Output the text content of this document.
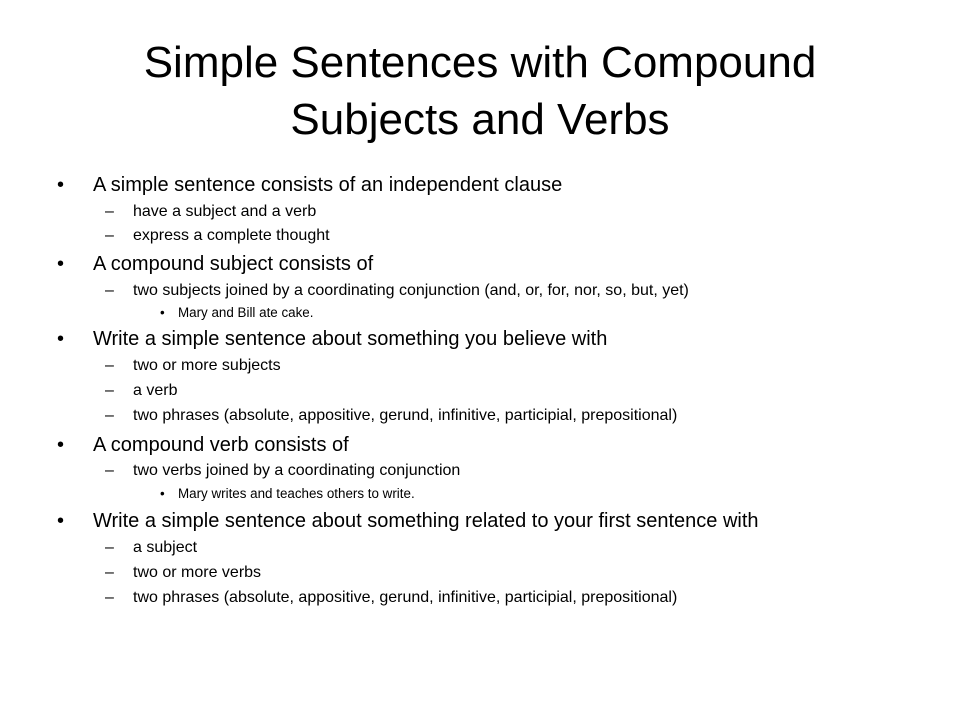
Simple Sentences with Compound
Subjects and Verbs
• A simple sentence consists of an independent clause
– have a subject and a verb
– express a complete thought
• A compound subject consists of
– two subjects joined by a coordinating conjunction (and, or, for, nor, so, but, yet)
• Mary and Bill ate cake.
• Write a simple sentence about something you believe with
– two or more subjects
– a verb
– two phrases (absolute, appositive, gerund, infinitive, participial, prepositional)
• A compound verb consists of
– two verbs joined by a coordinating conjunction
• Mary writes and teaches others to write.
• Write a simple sentence about something related to your first sentence with
– a subject
– two or more verbs
– two phrases (absolute, appositive, gerund, infinitive, participial, prepositional)
